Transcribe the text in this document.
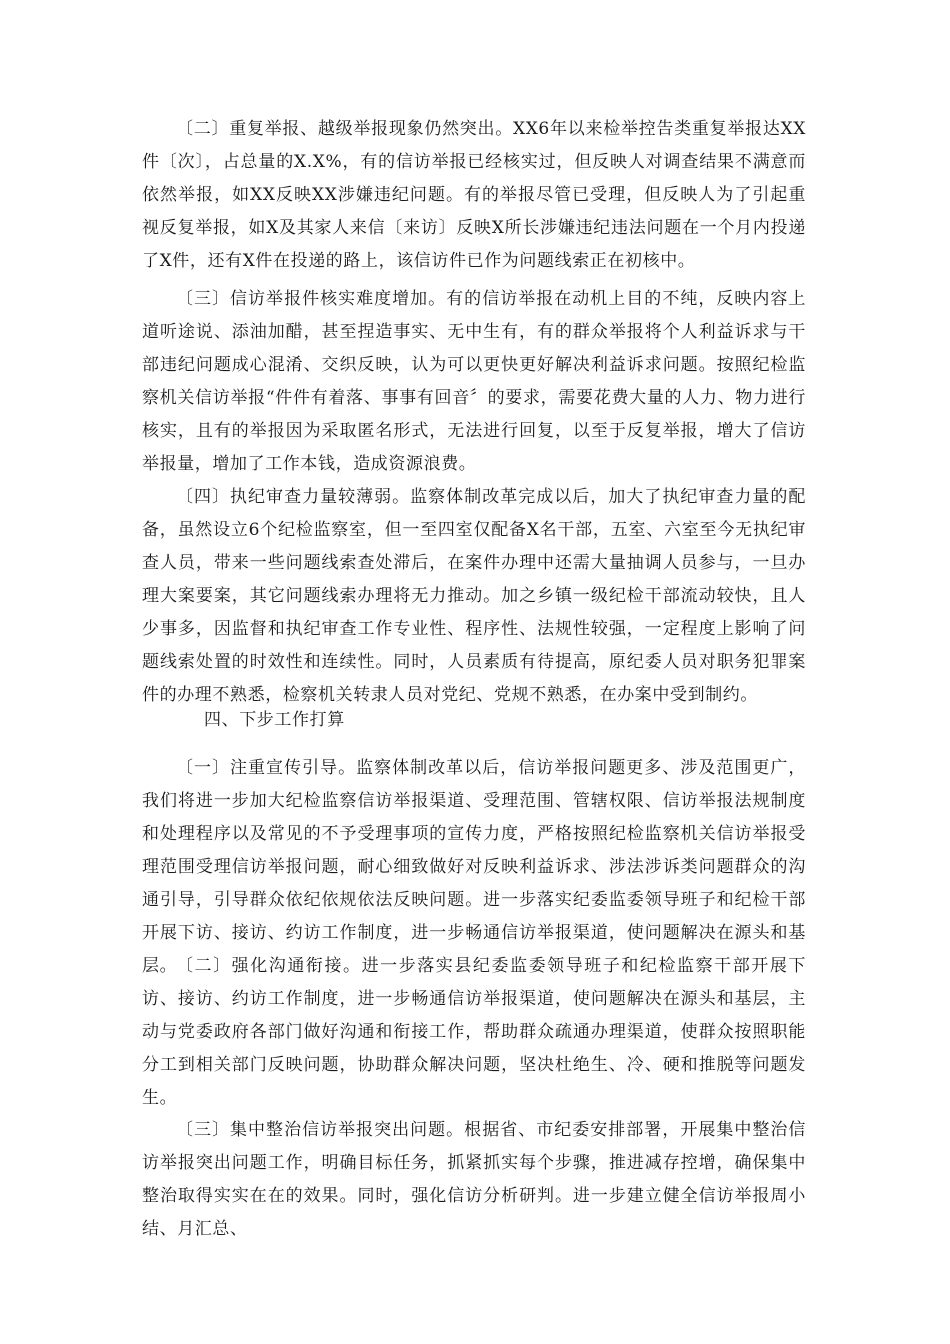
〔二〕重复举报、越级举报现象仍然突出。XX6年以来检举控告类重复举报达XX件〔次〕，占总量的X.X%，有的信访举报已经核实过，但反映人对调查结果不满意而依然举报，如XX反映XX涉嫌违纪问题。有的举报尽管已受理，但反映人为了引起重视反复举报，如X及其家人来信〔来访〕反映X所长涉嫌违纪违法问题在一个月内投递了X件，还有X件在投递的路上，该信访件已作为问题线索正在初核中。

〔三〕信访举报件核实难度增加。有的信访举报在动机上目的不纯，反映内容上道听途说、添油加醋，甚至捏造事实、无中生有，有的群众举报将个人利益诉求与干部违纪问题成心混淆、交织反映，认为可以更快更好解决利益诉求问题。按照纪检监察机关信访举报“件件有着落、事事有回音〞的要求，需要花费大量的人力、物力进行核实，且有的举报因为采取匿名形式，无法进行回复，以至于反复举报，增大了信访举报量，增加了工作本钱，造成资源浪费。

〔四〕执纪审查力量较薄弱。监察体制改革完成以后，加大了执纪审查力量的配备，虽然设立6个纪检监察室，但一至四室仅配备X名干部，五室、六室至今无执纪审查人员，带来一些问题线索查处滞后，在案件办理中还需大量抽调人员参与，一旦办理大案要案，其它问题线索办理将无力推动。加之乡镇一级纪检干部流动较快，且人少事多，因监督和执纪审查工作专业性、程序性、法规性较强，一定程度上影响了问题线索处置的时效性和连续性。同时，人员素质有待提高，原纪委人员对职务犯罪案件的办理不熟悉，检察机关转隶人员对党纪、党规不熟悉，在办案中受到制约。

四、下步工作打算

〔一〕注重宣传引导。监察体制改革以后，信访举报问题更多、涉及范围更广，我们将进一步加大纪检监察信访举报渠道、受理范围、管辖权限、信访举报法规制度和处理程序以及常见的不予受理事项的宣传力度，严格按照纪检监察机关信访举报受理范围受理信访举报问题，耐心细致做好对反映利益诉求、涉法涉诉类问题群众的沟通引导，引导群众依纪依规依法反映问题。进一步落实纪委监委领导班子和纪检干部开展下访、接访、约访工作制度，进一步畅通信访举报渠道，使问题解决在源头和基层。

〔二〕强化沟通衔接。进一步落实县纪委监委领导班子和纪检监察干部开展下访、接访、约访工作制度，进一步畅通信访举报渠道，使问题解决在源头和基层，主动与党委政府各部门做好沟通和衔接工作，帮助群众疏通办理渠道，使群众按照职能分工到相关部门反映问题，协助群众解决问题，坚决杜绝生、冷、硬和推脱等问题发生。

〔三〕集中整治信访举报突出问题。根据省、市纪委安排部署，开展集中整治信访举报突出问题工作，明确目标任务，抓紧抓实每个步骤，推进减存控增，确保集中整治取得实实在在的效果。同时，强化信访分析研判。进一步建立健全信访举报周小结、月汇总、
